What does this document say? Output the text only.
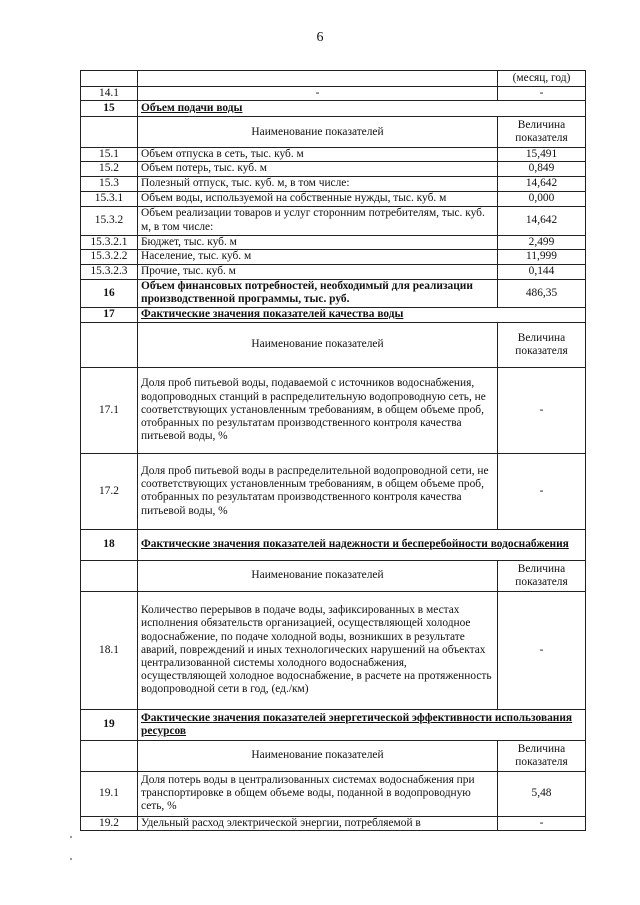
6
		(месяц, год)
14.1	-	-
15	Объем подачи воды	
	Наименование показателей	Величина показателя
15.1	Объем отпуска в сеть, тыс. куб. м	15,491
15.2	Объем потерь, тыс. куб. м	0,849
15.3	Полезный отпуск, тыс. куб. м, в том числе:	14,642
15.3.1	Объем воды, используемой на собственные нужды, тыс. куб. м	0,000
15.3.2	Объем реализации товаров и услуг сторонним потребителям, тыс. куб. м, в том числе:	14,642
15.3.2.1	Бюджет, тыс. куб. м	2,499
15.3.2.2	Население, тыс. куб. м	11,999
15.3.2.3	Прочие, тыс. куб. м	0,144
16	Объем финансовых потребностей, необходимый для реализации производственной программы, тыс. руб.	486,35
17	Фактические значения показателей качества воды	
	Наименование показателей	Величина показателя
17.1	Доля проб питьевой воды, подаваемой с источников водоснабжения, водопроводных станций в распределительную водопроводную сеть, не соответствующих установленным требованиям, в общем объеме проб, отобранных по результатам производственного контроля качества питьевой воды, %	-
17.2	Доля проб питьевой воды в распределительной водопроводной сети, не соответствующих установленным требованиям, в общем объеме проб, отобранных по результатам производственного контроля качества питьевой воды, %	-
18	Фактические значения показателей надежности и бесперебойности водоснабжения	
	Наименование показателей	Величина показателя
18.1	Количество перерывов в подаче воды, зафиксированных в местах исполнения обязательств организацией, осуществляющей холодное водоснабжение, по подаче холодной воды, возникших в результате аварий, повреждений и иных технологических нарушений на объектах централизованной системы холодного водоснабжения, осуществляющей холодное водоснабжение, в расчете на протяженность водопроводной сети в год, (ед./км)	-
19	Фактические значения показателей энергетической эффективности использования ресурсов	
	Наименование показателей	Величина показателя
19.1	Доля потерь воды в централизованных системах водоснабжения при транспортировке в общем объеме воды, поданной в водопроводную сеть, %	5,48
19.2	Удельный расход электрической энергии, потребляемой в	-
